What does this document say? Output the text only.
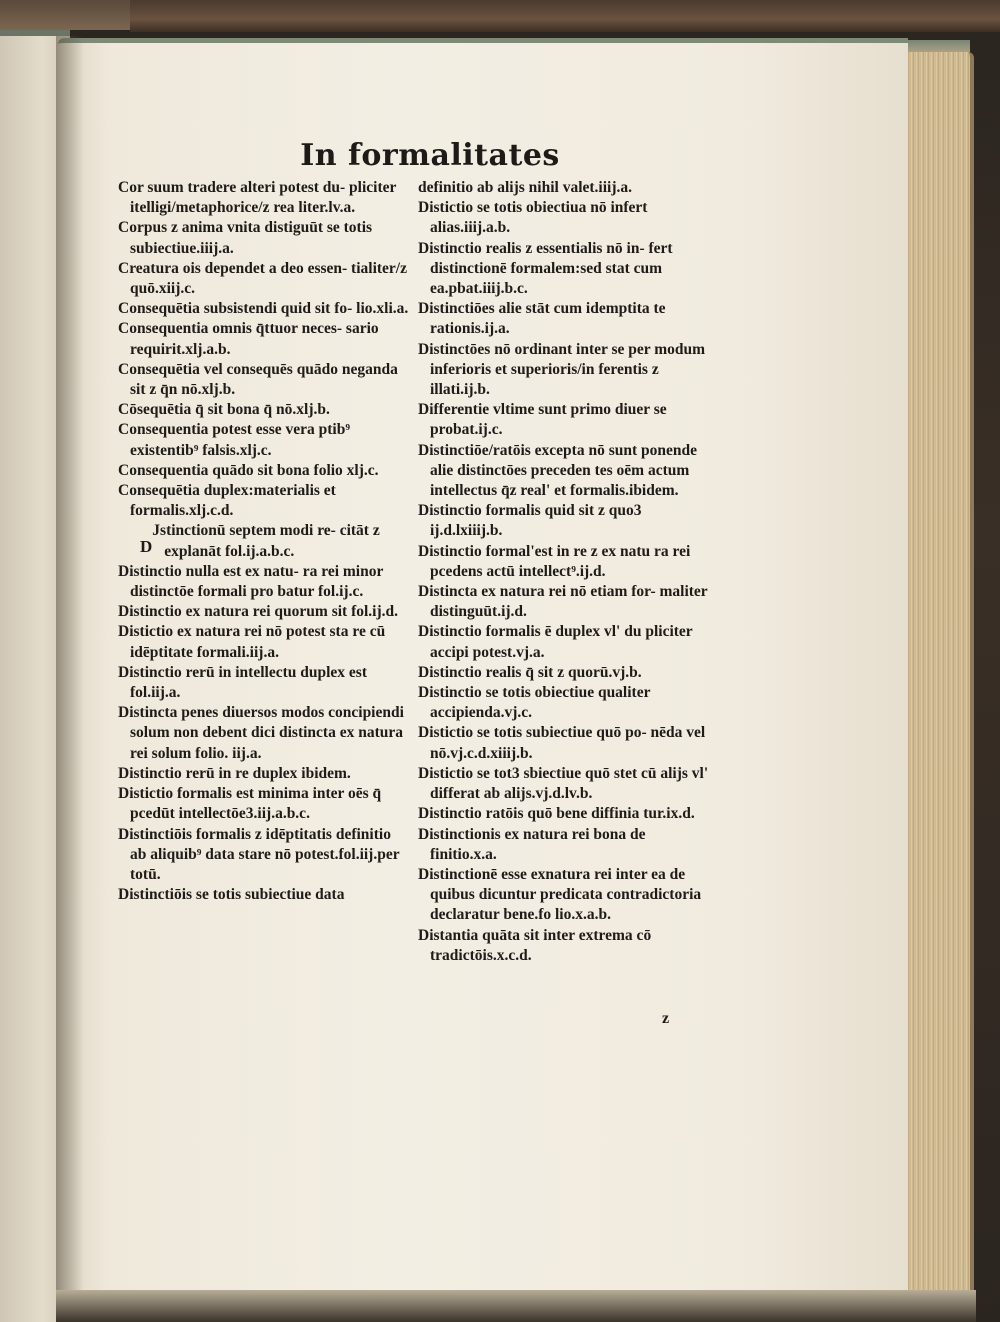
In formalitates

Cor suum tradere alteri potest du- pliciter itelligi/metaphorice/z rea liter.lv.a.

Corpus z anima vnita distiguūt se totis subiectiue.iiij.a.

Creatura ois dependet a deo essen- tialiter/z quō.xiij.c.

Consequētia subsistendi quid sit fo- lio.xli.a.

Consequentia omnis q̄ttuor neces- sario requirit.xlj.a.b.

Consequētia vel consequēs quādo neganda sit z q̄n nō.xlj.b.

Cōsequētia q̄ sit bona q̄ nō.xlj.b.

Consequentia potest esse vera ptib⁹ existentib⁹ falsis.xlj.c.

Consequentia quādo sit bona folio xlj.c.

Consequētia duplex:materialis et formalis.xlj.c.d.

D

Jstinctionū septem modi re- citāt z explanāt fol.ij.a.b.c.

Distinctio nulla est ex natu- ra rei minor distinctōe formali pro batur fol.ij.c.

Distinctio ex natura rei quorum sit fol.ij.d.

Distictio ex natura rei nō potest sta re cū idēptitate formali.iij.a.

Distinctio rerū in intellectu duplex est fol.iij.a.

Distincta penes diuersos modos concipiendi solum non debent dici distincta ex natura rei solum folio. iij.a.

Distinctio rerū in re duplex ibidem.

Distictio formalis est minima inter oēs q̄ pcedūt intellectōe3.iij.a.b.c.

Distinctiōis formalis z idēptitatis definitio ab aliquib⁹ data stare nō potest.fol.iij.per totū.

Distinctiōis se totis subiectiue data

definitio ab alijs nihil valet.iiij.a.

Distictio se totis obiectiua nō infert alias.iiij.a.b.

Distinctio realis z essentialis nō in- fert distinctionē formalem:sed stat cum ea.pbat.iiij.b.c.

Distinctiōes alie stāt cum idemptita te rationis.ij.a.

Distinctōes nō ordinant inter se per modum inferioris et superioris/in ferentis z illati.ij.b.

Differentie vltime sunt primo diuer se probat.ij.c.

Distinctiōe/ratōis excepta nō sunt ponende alie distinctōes preceden tes oēm actum intellectus q̄z real' et formalis.ibidem.

Distinctio formalis quid sit z quo3 ij.d.lxiiij.b.

Distinctio formal'est in re z ex natu ra rei pcedens actū intellect⁹.ij.d.

Distincta ex natura rei nō etiam for- maliter distinguūt.ij.d.

Distinctio formalis ē duplex vl' du pliciter accipi potest.vj.a.

Distinctio realis q̄ sit z quorū.vj.b.

Distinctio se totis obiectiue qualiter accipienda.vj.c.

Distictio se totis subiectiue quō po- nēda vel nō.vj.c.d.xiiij.b.

Distictio se tot3 sbiectiue quō stet cū alijs vl' differat ab alijs.vj.d.lv.b.

Distinctio ratōis quō bene diffinia tur.ix.d.

Distinctionis ex natura rei bona de finitio.x.a.

Distinctionē esse exnatura rei inter ea de quibus dicuntur predicata contradictoria declaratur bene.fo lio.x.a.b.

Distantia quāta sit inter extrema cō tradictōis.x.c.d.

z
